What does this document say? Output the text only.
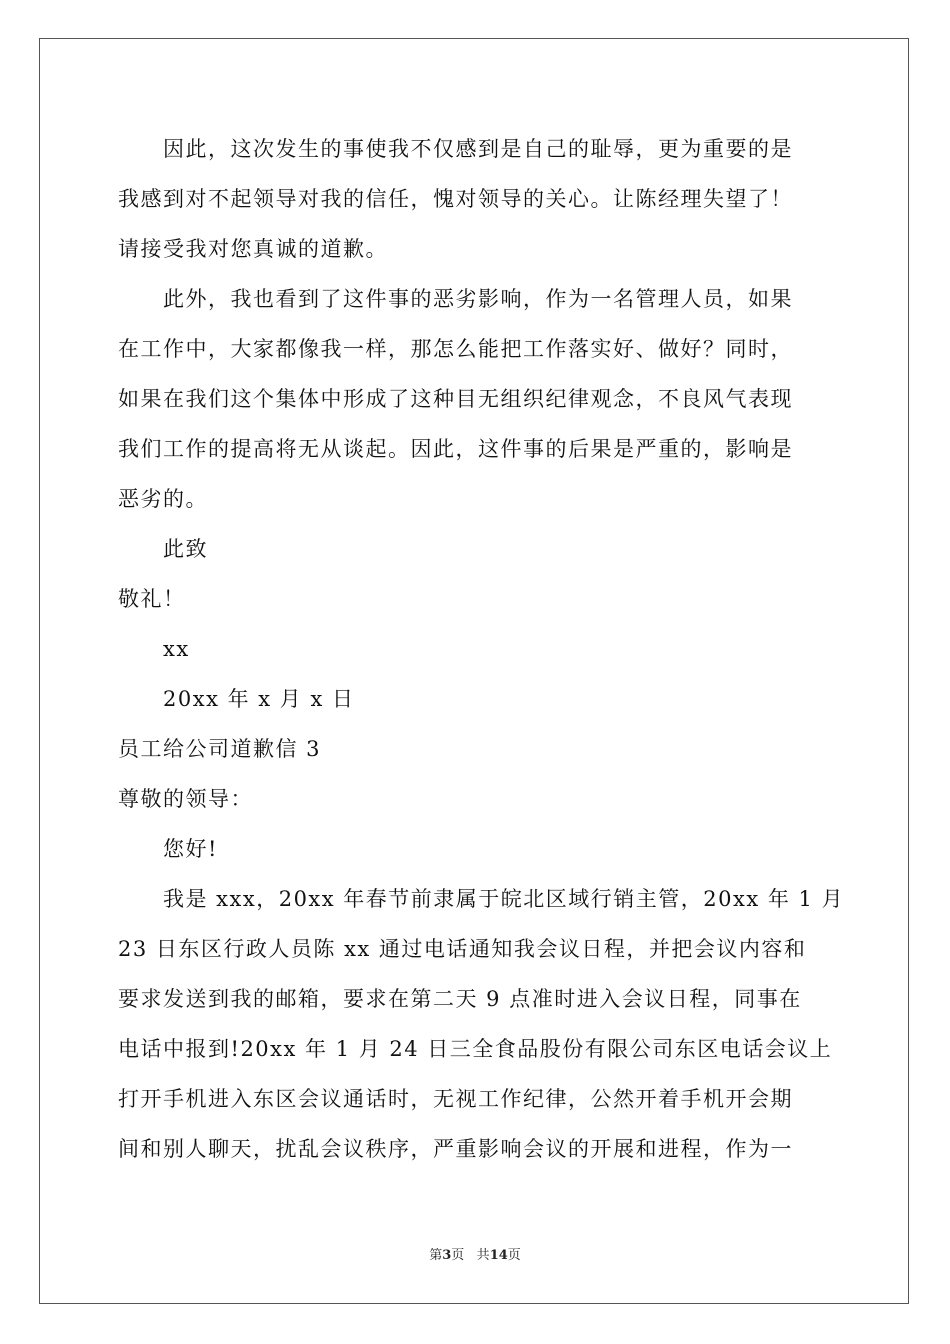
因此，这次发生的事使我不仅感到是自己的耻辱，更为重要的是
我感到对不起领导对我的信任，愧对领导的关心。让陈经理失望了！
请接受我对您真诚的道歉。
此外，我也看到了这件事的恶劣影响，作为一名管理人员，如果
在工作中，大家都像我一样，那怎么能把工作落实好、做好？同时，
如果在我们这个集体中形成了这种目无组织纪律观念，不良风气表现
我们工作的提高将无从谈起。因此，这件事的后果是严重的，影响是
恶劣的。
此致
敬礼！
xx
20xx 年 x 月 x 日
员工给公司道歉信 3
尊敬的领导：
您好!
我是 xxx，20xx 年春节前隶属于皖北区域行销主管，20xx 年 1 月
23 日东区行政人员陈 xx 通过电话通知我会议日程，并把会议内容和
要求发送到我的邮箱，要求在第二天 9 点准时进入会议日程，同事在
电话中报到!20xx 年 1 月 24 日三全食品股份有限公司东区电话会议上
打开手机进入东区会议通话时，无视工作纪律，公然开着手机开会期
间和别人聊天，扰乱会议秩序，严重影响会议的开展和进程，作为一
第3页 共14页
